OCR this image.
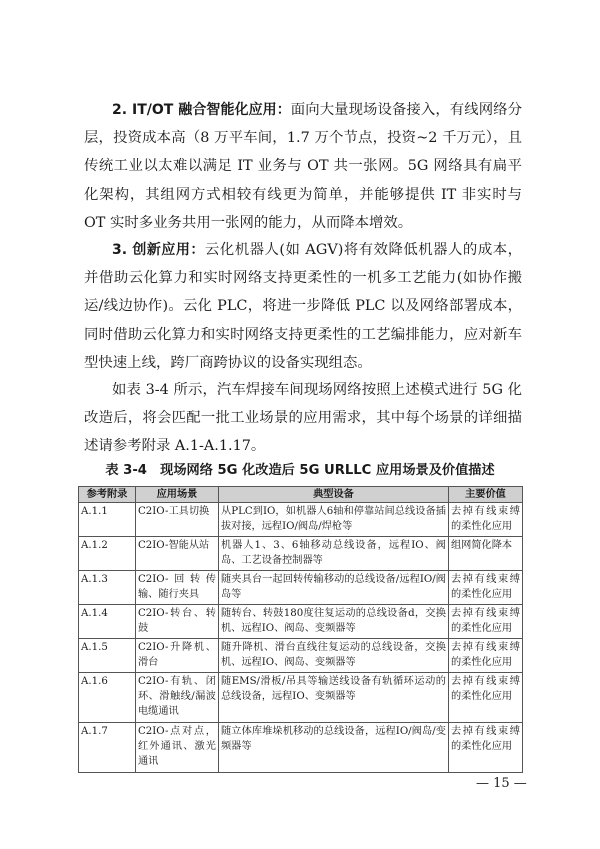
2. IT/OT 融合智能化应用：面向大量现场设备接入，有线网络分层，投资成本高（8 万平车间，1.7 万个节点，投资~2 千万元），且传统工业以太难以满足 IT 业务与 OT 共一张网。5G 网络具有扁平化架构，其组网方式相较有线更为简单，并能够提供 IT 非实时与 OT 实时多业务共用一张网的能力，从而降本增效。

3. 创新应用：云化机器人(如 AGV)将有效降低机器人的成本，并借助云化算力和实时网络支持更柔性的一机多工艺能力(如协作搬运/线边协作)。云化 PLC，将进一步降低 PLC 以及网络部署成本，同时借助云化算力和实时网络支持更柔性的工艺编排能力，应对新车型快速上线，跨厂商跨协议的设备实现组态。

如表 3-4 所示，汽车焊接车间现场网络按照上述模式进行 5G 化改造后，将会匹配一批工业场景的应用需求，其中每个场景的详细描述请参考附录 A.1-A.1.17。

表 3-4　现场网络 5G 化改造后 5G URLLC 应用场景及价值描述

参考附录	应用场景	典型设备	主要价值
A.1.1	C2IO-工具切换	从PLC到IO，如机器人6轴和停靠站间总线设备插拔对接，远程IO/阀岛/焊枪等	去掉有线束缚的柔性化应用
A.1.2	C2IO-智能从站	机器人1、3、6轴移动总线设备，远程IO、阀岛、工艺设备控制器等	组网简化降本
A.1.3	C2IO-回转传输、随行夹具	随夹具台一起回转传输移动的总线设备/远程IO/阀岛等	去掉有线束缚的柔性化应用
A.1.4	C2IO-转台、转鼓	随转台、转鼓180度往复运动的总线设备d，交换机、远程IO、阀岛、变频器等	去掉有线束缚的柔性化应用
A.1.5	C2IO-升降机、滑台	随升降机、滑台直线往复运动的总线设备，交换机、远程IO、阀岛、变频器等	去掉有线束缚的柔性化应用
A.1.6	C2IO-有轨、闭环、滑触线/漏波电缆通讯	随EMS/滑板/吊具等输送线设备有轨循环运动的总线设备，远程IO、变频器等	去掉有线束缚的柔性化应用
A.1.7	C2IO-点对点，红外通讯、激光通讯	随立体库堆垛机移动的总线设备，远程IO/阀岛/变频器等	去掉有线束缚的柔性化应用
— 15 —
